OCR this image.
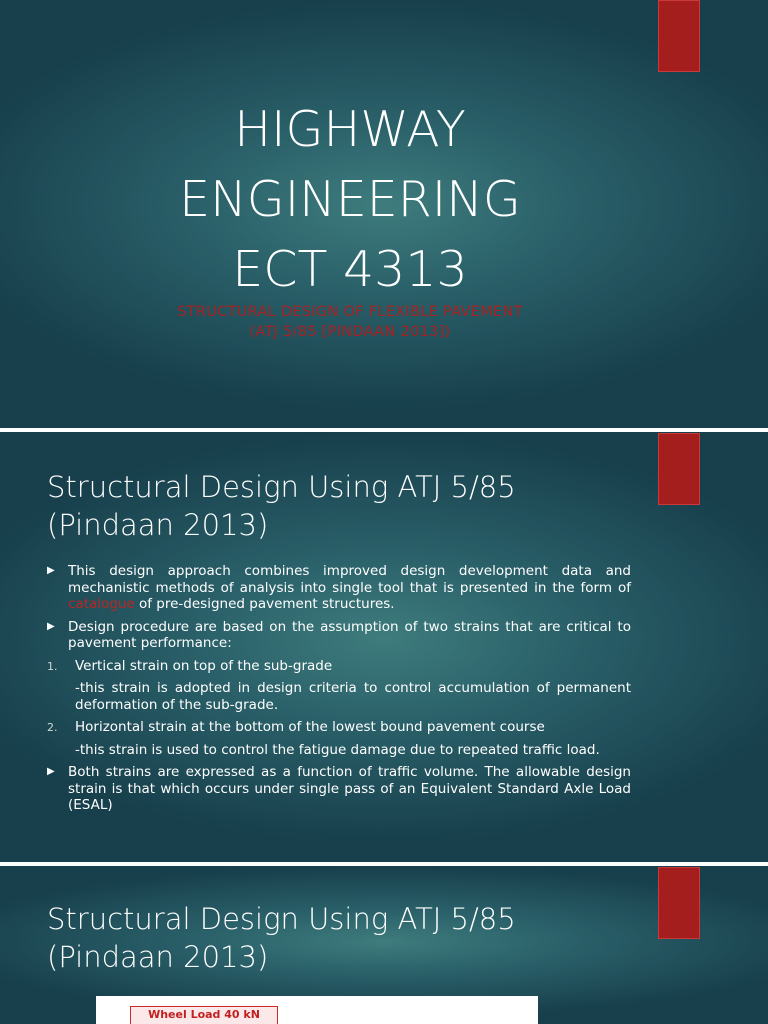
HIGHWAY
ENGINEERING
ECT 4313
STRUCTURAL DESIGN OF FLEXIBLE PAVEMENT
(ATJ 5/85 [PINDAAN 2013])
Structural Design Using ATJ 5/85
(Pindaan 2013)
▶ This design approach combines improved design development data and mechanistic methods of analysis into single tool that is presented in the form of catalogue of pre-designed pavement structures.
▶ Design procedure are based on the assumption of two strains that are critical to pavement performance:
1. Vertical strain on top of the sub-grade
-this strain is adopted in design criteria to control accumulation of permanent deformation of the sub-grade.
2. Horizontal strain at the bottom of the lowest bound pavement course
-this strain is used to control the fatigue damage due to repeated traffic load.
▶ Both strains are expressed as a function of traffic volume. The allowable design strain is that which occurs under single pass of an Equivalent Standard Axle Load (ESAL)
Structural Design Using ATJ 5/85
(Pindaan 2013)
Wheel Load 40 kN
